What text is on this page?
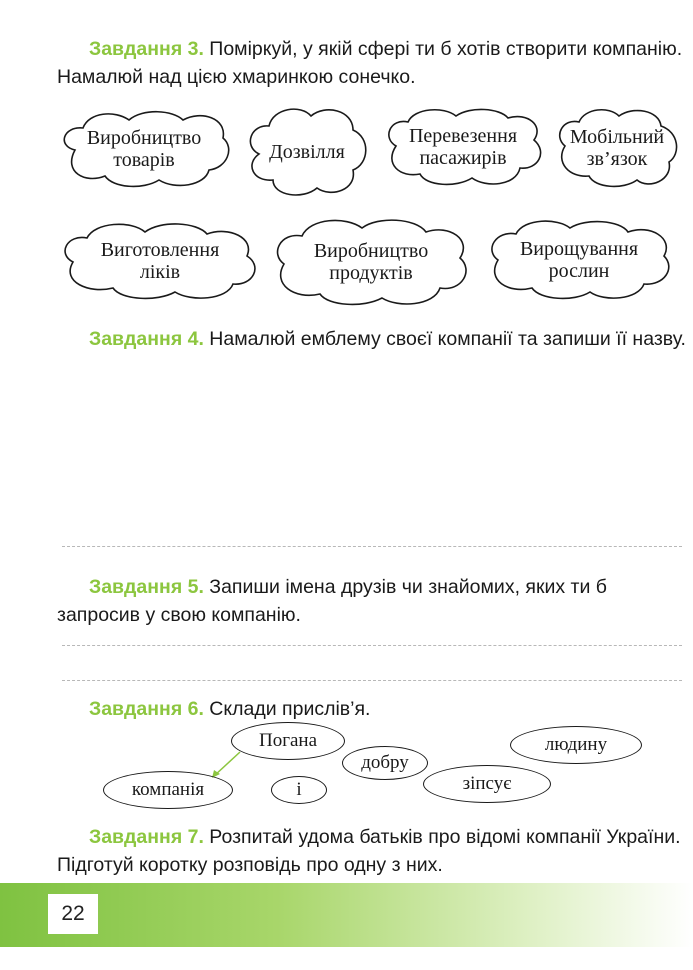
Завдання 3. Поміркуй, у якій сфері ти б хотів створити компанію. Намалюй над цією хмаринкою сонечко.
Виробництво
товарів	Дозвілля
Перевезення
пасажирів
Мобільний
зв’язок
Виготовлення
ліків
Виробництво
продуктів
Вирощування
рослин
Завдання 4. Намалюй емблему своєї компанії та запиши її назву.
Завдання 5. Запиши імена друзів чи знайомих, яких ти б запросив у свою компанію.
Завдання 6. Склади прислів’я.
Погана
добру
людину
компанія	і	зіпсує
Завдання 7. Розпитай удома батьків про відомі компанії України. Підготуй коротку розповідь про одну з них.
22
